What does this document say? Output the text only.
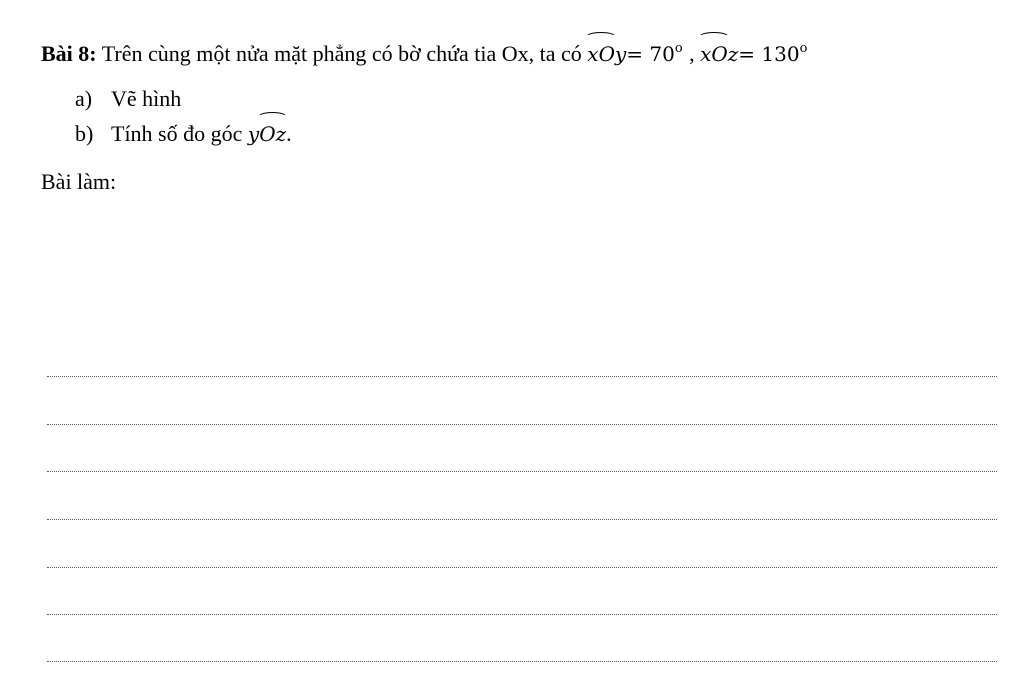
Bài 8: Trên cùng một nửa mặt phẳng có bờ chứa tia Ox, ta có $xOy= 70^o$ ,
$xOz= 130^o$
a) Vẽ hình
b) Tính số đo góc y
Oz.
Bài làm:
